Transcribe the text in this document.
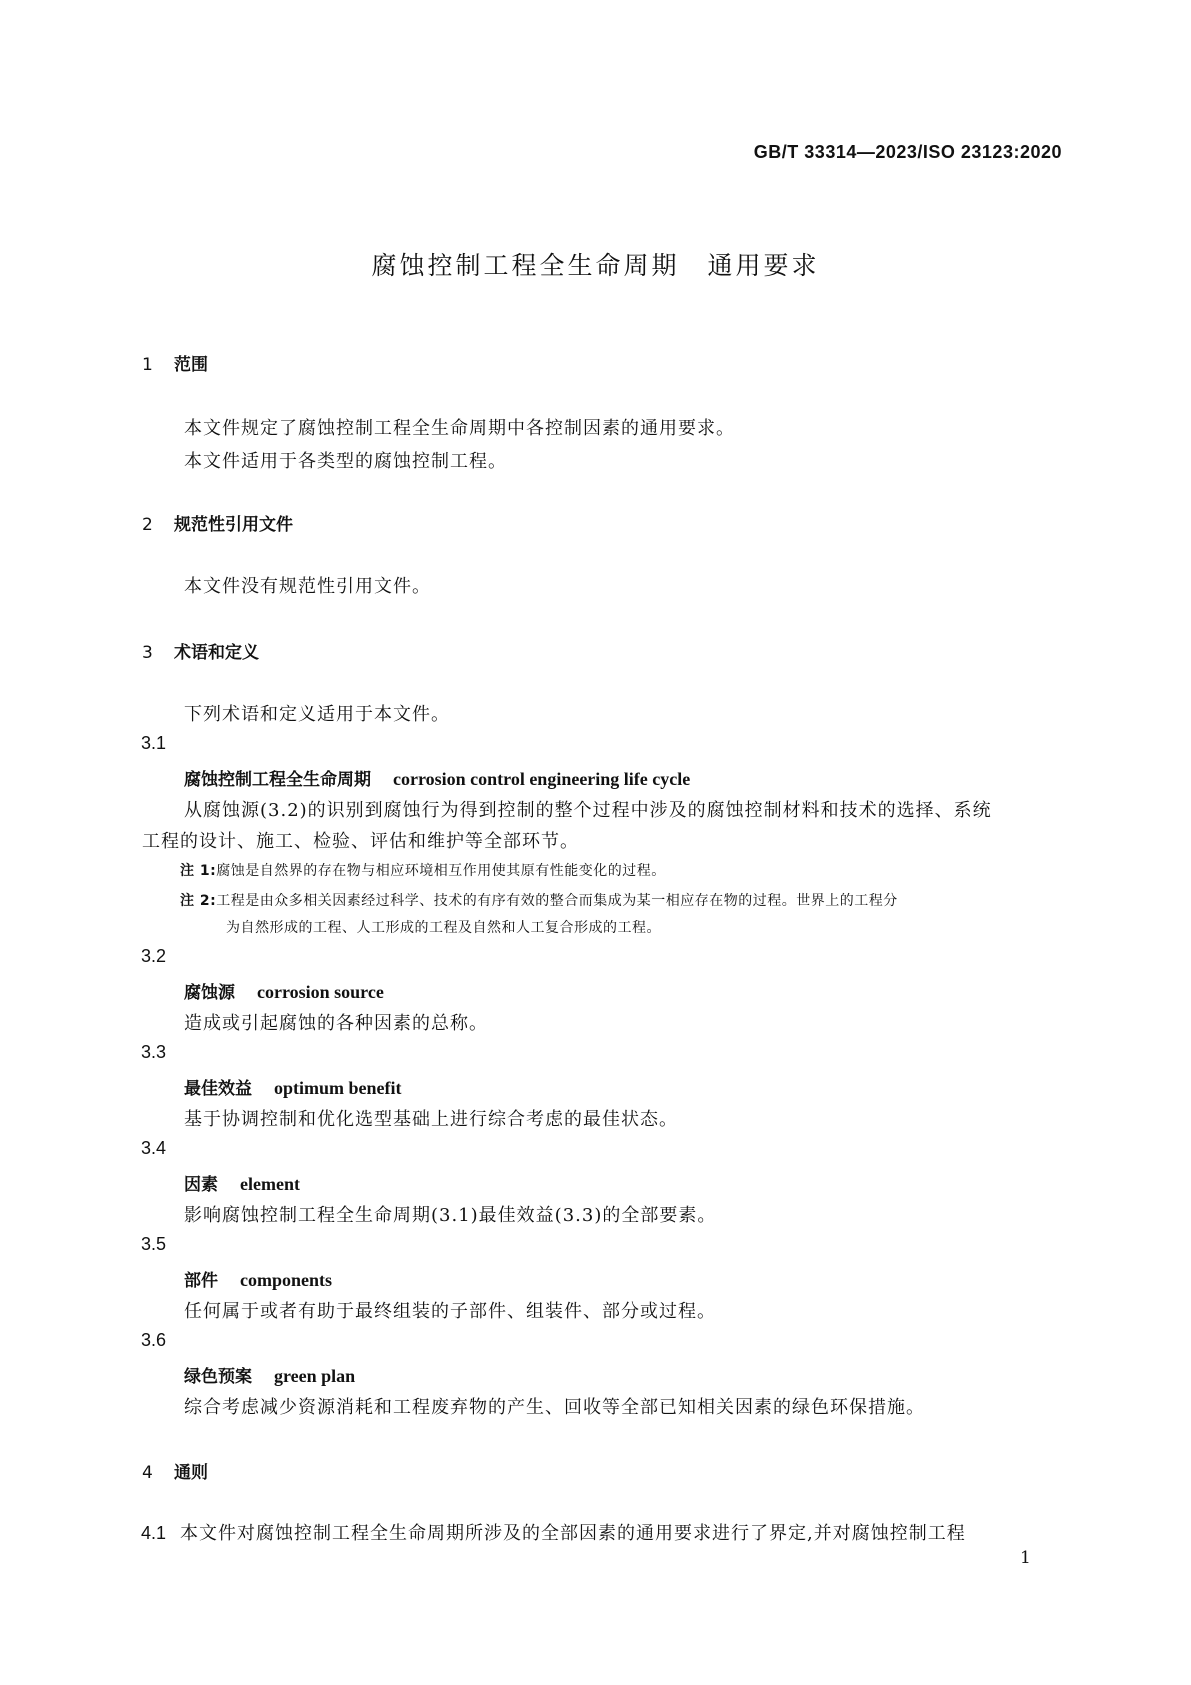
GB/T 33314—2023/ISO 23123:2020
腐蚀控制工程全生命周期　通用要求
1 范围
本文件规定了腐蚀控制工程全生命周期中各控制因素的通用要求。
本文件适用于各类型的腐蚀控制工程。
2 规范性引用文件
本文件没有规范性引用文件。
3 术语和定义
下列术语和定义适用于本文件。
3.1
腐蚀控制工程全生命周期 corrosion control engineering life cycle
从腐蚀源(3.2)的识别到腐蚀行为得到控制的整个过程中涉及的腐蚀控制材料和技术的选择、系统
工程的设计、施工、检验、评估和维护等全部环节。
注 1:腐蚀是自然界的存在物与相应环境相互作用使其原有性能变化的过程。
注 2:工程是由众多相关因素经过科学、技术的有序有效的整合而集成为某一相应存在物的过程。世界上的工程分
为自然形成的工程、人工形成的工程及自然和人工复合形成的工程。
3.2
腐蚀源 corrosion source
造成或引起腐蚀的各种因素的总称。
3.3
最佳效益 optimum benefit
基于协调控制和优化选型基础上进行综合考虑的最佳状态。
3.4
因素 element
影响腐蚀控制工程全生命周期(3.1)最佳效益(3.3)的全部要素。
3.5
部件 components
任何属于或者有助于最终组装的子部件、组装件、部分或过程。
3.6
绿色预案 green plan
综合考虑减少资源消耗和工程废弃物的产生、回收等全部已知相关因素的绿色环保措施。
4 通则
4.1 本文件对腐蚀控制工程全生命周期所涉及的全部因素的通用要求进行了界定,并对腐蚀控制工程
1
